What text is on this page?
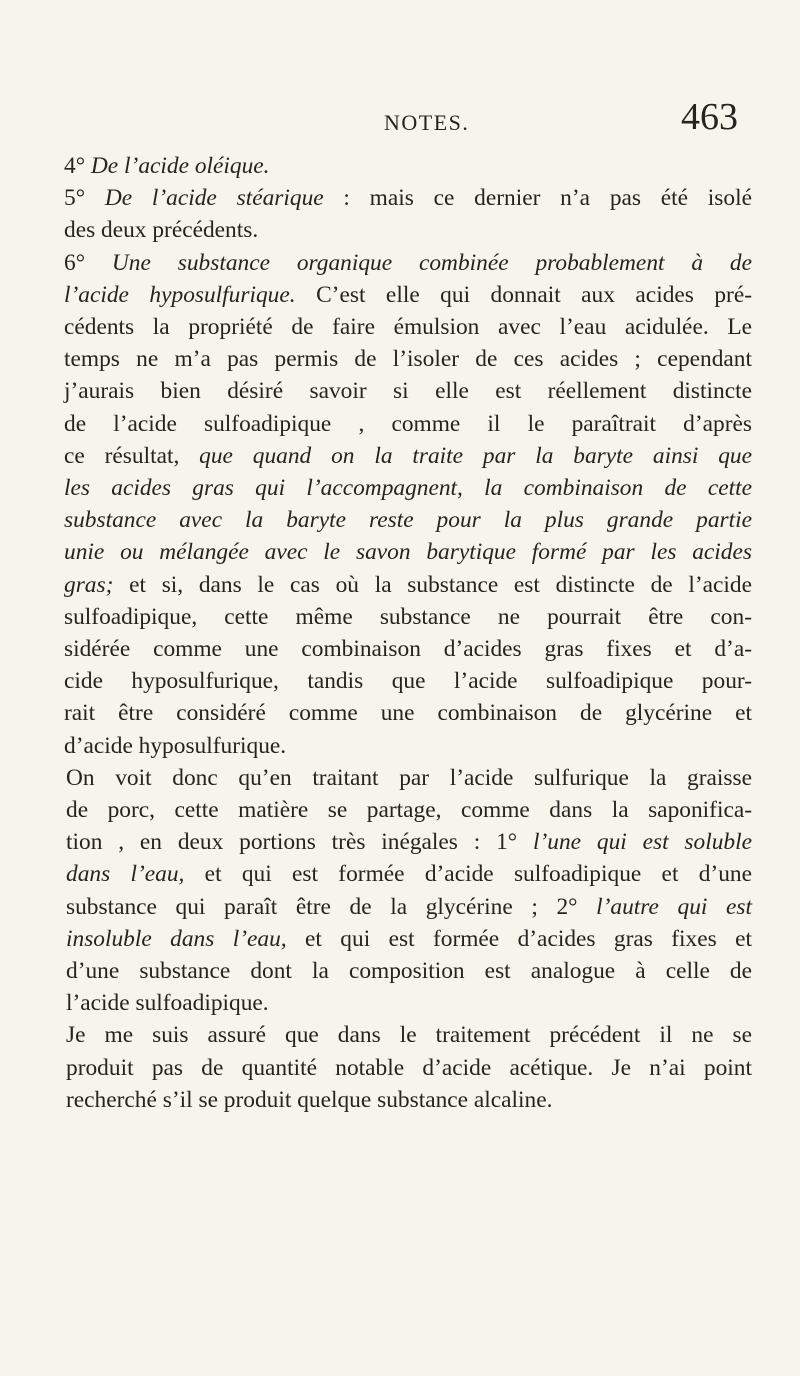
NOTES.	463

4° De l’acide oléique.

5° De l’acide stéarique : mais ce dernier n’a pas été isolé
des deux précédents.

6° Une substance organique combinée probablement à de
l’acide hyposulfurique. C’est elle qui donnait aux acides pré-
cédents la propriété de faire émulsion avec l’eau acidulée. Le
temps ne m’a pas permis de l’isoler de ces acides ; cependant
j’aurais bien désiré savoir si elle est réellement distincte
de l’acide sulfoadipique , comme il le paraîtrait d’après
ce résultat, que quand on la traite par la baryte ainsi que
les acides gras qui l’accompagnent, la combinaison de cette
substance avec la baryte reste pour la plus grande partie
unie ou mélangée avec le savon barytique formé par les acides
gras; et si, dans le cas où la substance est distincte de l’acide
sulfoadipique, cette même substance ne pourrait être con-
sidérée comme une combinaison d’acides gras fixes et d’a-
cide hyposulfurique, tandis que l’acide sulfoadipique pour-
rait être considéré comme une combinaison de glycérine et
d’acide hyposulfurique.

On voit donc qu’en traitant par l’acide sulfurique la graisse
de porc, cette matière se partage, comme dans la saponifica-
tion , en deux portions très inégales : 1° l’une qui est soluble
dans l’eau, et qui est formée d’acide sulfoadipique et d’une
substance qui paraît être de la glycérine ; 2° l’autre qui est
insoluble dans l’eau, et qui est formée d’acides gras fixes et
d’une substance dont la composition est analogue à celle de
l’acide sulfoadipique.

Je me suis assuré que dans le traitement précédent il ne se
produit pas de quantité notable d’acide acétique. Je n’ai point
recherché s’il se produit quelque substance alcaline.
